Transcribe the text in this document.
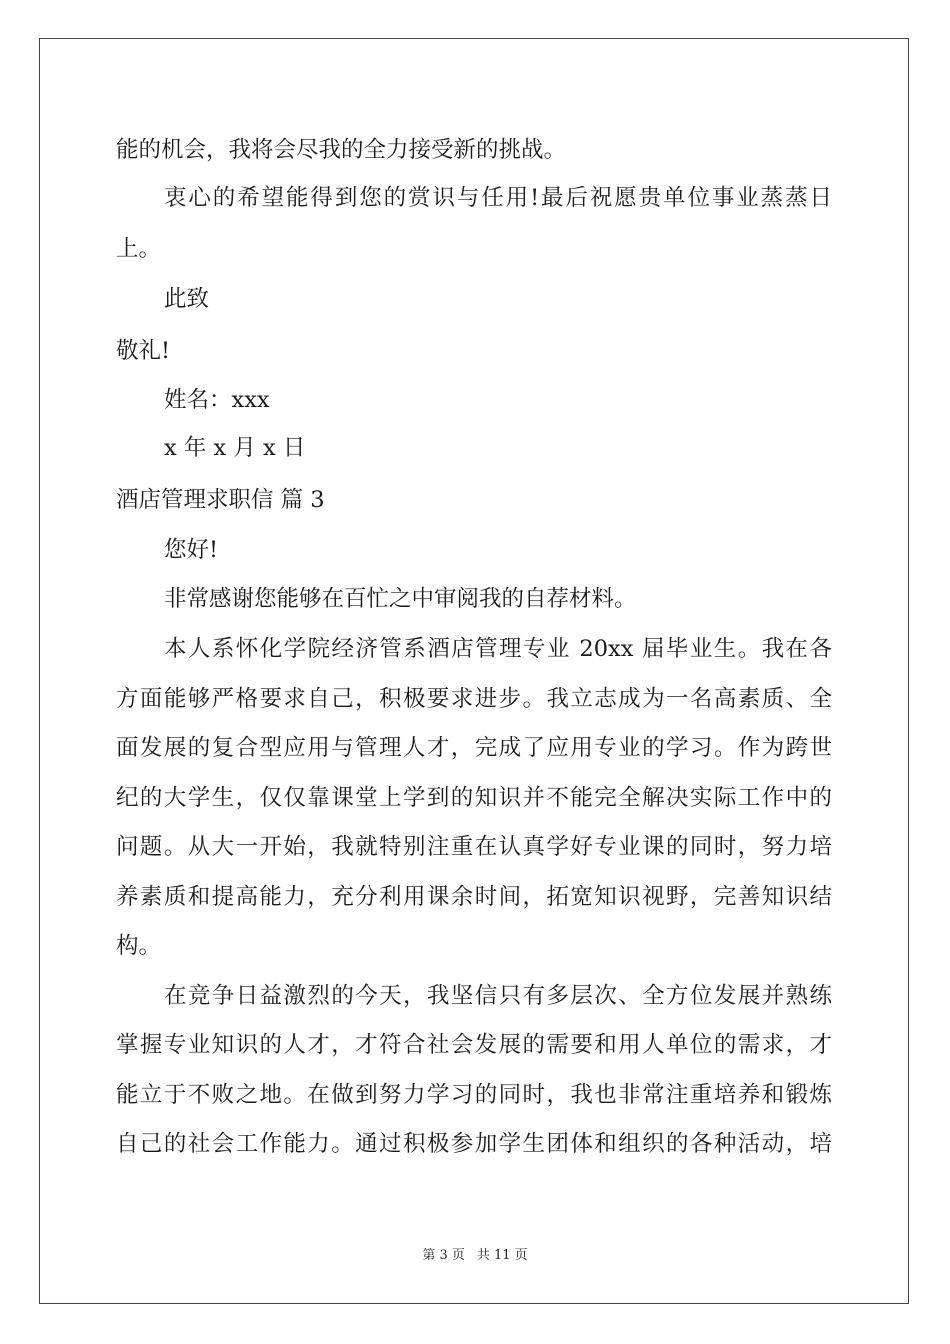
能的机会，我将会尽我的全力接受新的挑战。
衷心的希望能得到您的赏识与任用!最后祝愿贵单位事业蒸蒸日
上。
此致
敬礼!
姓名：xxx
x 年 x 月 x 日
酒店管理求职信 篇 3
您好!
非常感谢您能够在百忙之中审阅我的自荐材料。
本人系怀化学院经济管系酒店管理专业 20xx 届毕业生。我在各
方面能够严格要求自己，积极要求进步。我立志成为一名高素质、全
面发展的复合型应用与管理人才，完成了应用专业的学习。作为跨世
纪的大学生，仅仅靠课堂上学到的知识并不能完全解决实际工作中的
问题。从大一开始，我就特别注重在认真学好专业课的同时，努力培
养素质和提高能力，充分利用课余时间，拓宽知识视野，完善知识结
构。
在竞争日益激烈的今天，我坚信只有多层次、全方位发展并熟练
掌握专业知识的人才，才符合社会发展的需要和用人单位的需求，才
能立于不败之地。在做到努力学习的同时，我也非常注重培养和锻炼
自己的社会工作能力。通过积极参加学生团体和组织的各种活动，培
第 3 页 共 11 页
